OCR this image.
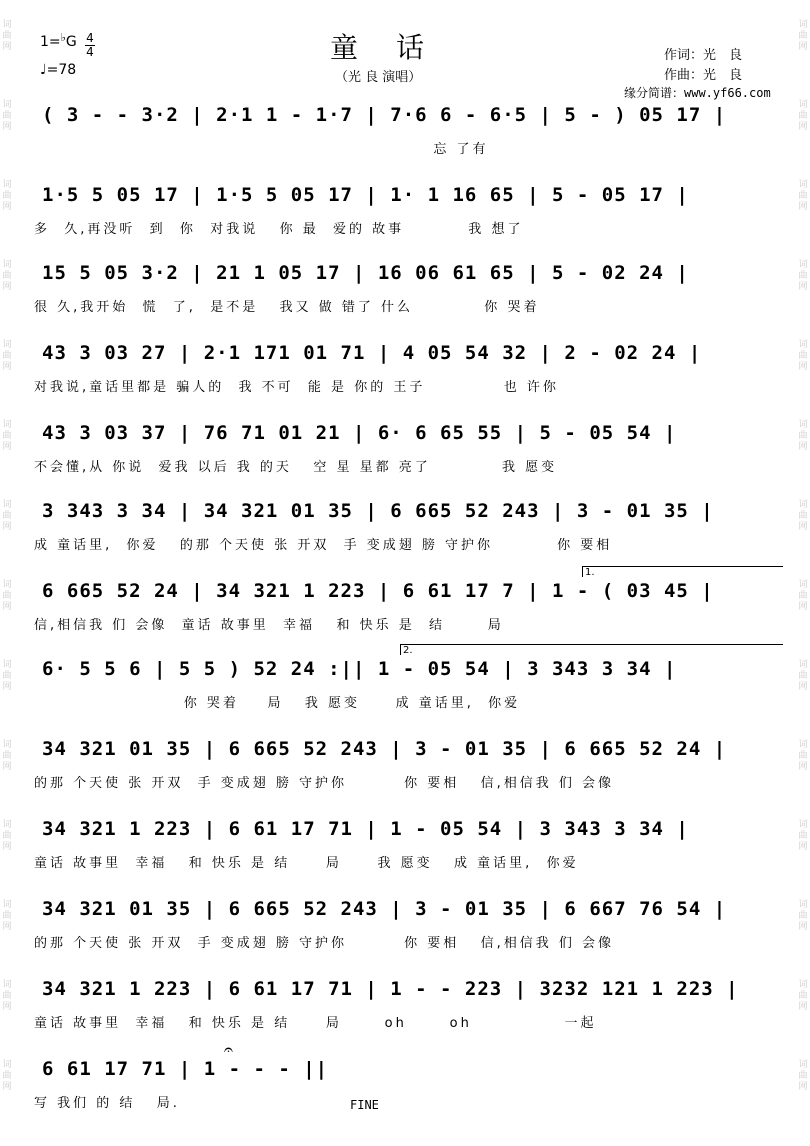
词
曲
网
词
曲
网
词
曲
网
词
曲
网
词
曲
网
词
曲
网
词
曲
网
词
曲
网
词
曲
网
词
曲
网
词
曲
网
词
曲
网
词
曲
网
词
曲
网
词
曲
网
词
曲
网
词
曲
网
词
曲
网
词
曲
网
词
曲
网
词
曲
网
词
曲
网
词
曲
网
词
曲
网
词
曲
网
词
曲
网
词
曲
网
词
曲
网
童话
（光 良 演唱）
1=♭G 4
4
♩=78
作词：光　良
作曲：光　良
缘分简谱：www.yf66.com
( 3 - - 3·2 | 2·1 1 - 1·7 | 7·6 6 - 6·5 | 5 - ) 05 17 |
忘 了有
1·5 5 05 17 | 1·5 5 05 17 | 1· 1 16 65 | 5 - 05 17 |
多  久,再没听  到  你  对我说   你 最  爱的 故事         我 想了
15 5 05 3·2 | 21 1 05 17 | 16 06 61 65 | 5 - 02 24 |
很 久,我开始  慌  了,  是不是   我又 做 错了 什么          你 哭着
43 3 03 27 | 2·1 171 01 71 | 4 05 54 32 | 2 - 02 24 |
对我说,童话里都是 骗人的  我 不可  能 是 你的 王子           也 许你
43 3 03 37 | 76 71 01 21 | 6· 6 65 55 | 5 - 05 54 |
不会懂,从 你说  爱我 以后 我 的天   空 星 星都 亮了          我 愿变
3 343 3 34 | 34 321 01 35 | 6 665 52 243 | 3 - 01 35 |
成 童话里,  你爱   的那 个天使 张 开双  手 变成翅 膀 守护你         你 要相
6 665 52 24 | 34 321 1 223 | 6 61 17 7 | 1 - ( 03 45 |
信,相信我 们 会像  童话 故事里  幸福   和 快乐 是  结      局
6· 5 5 6 | 5 5 ) 52 24 :|| 1 - 05 54 | 3 343 3 34 |
你 哭着    局   我 愿变     成 童话里,  你爱
34 321 01 35 | 6 665 52 243 | 3 - 01 35 | 6 665 52 24 |
的那 个天使 张 开双  手 变成翅 膀 守护你        你 要相   信,相信我 们 会像
34 321 1 223 | 6 61 17 71 | 1 - 05 54 | 3 343 3 34 |
童话 故事里  幸福   和 快乐 是 结     局     我 愿变   成 童话里,  你爱
34 321 01 35 | 6 665 52 243 | 3 - 01 35 | 6 667 76 54 |
的那 个天使 张 开双  手 变成翅 膀 守护你        你 要相   信,相信我 们 会像
34 321 1 223 | 6 61 17 71 | 1 - - 223 | 3232 121 1 223 |
童话 故事里  幸福   和 快乐 是 结     局      oh      oh             一起
6 61 17 71 | 1 - - - ||
写 我们 的 结   局.	FINE
𝄐
1.
2.
